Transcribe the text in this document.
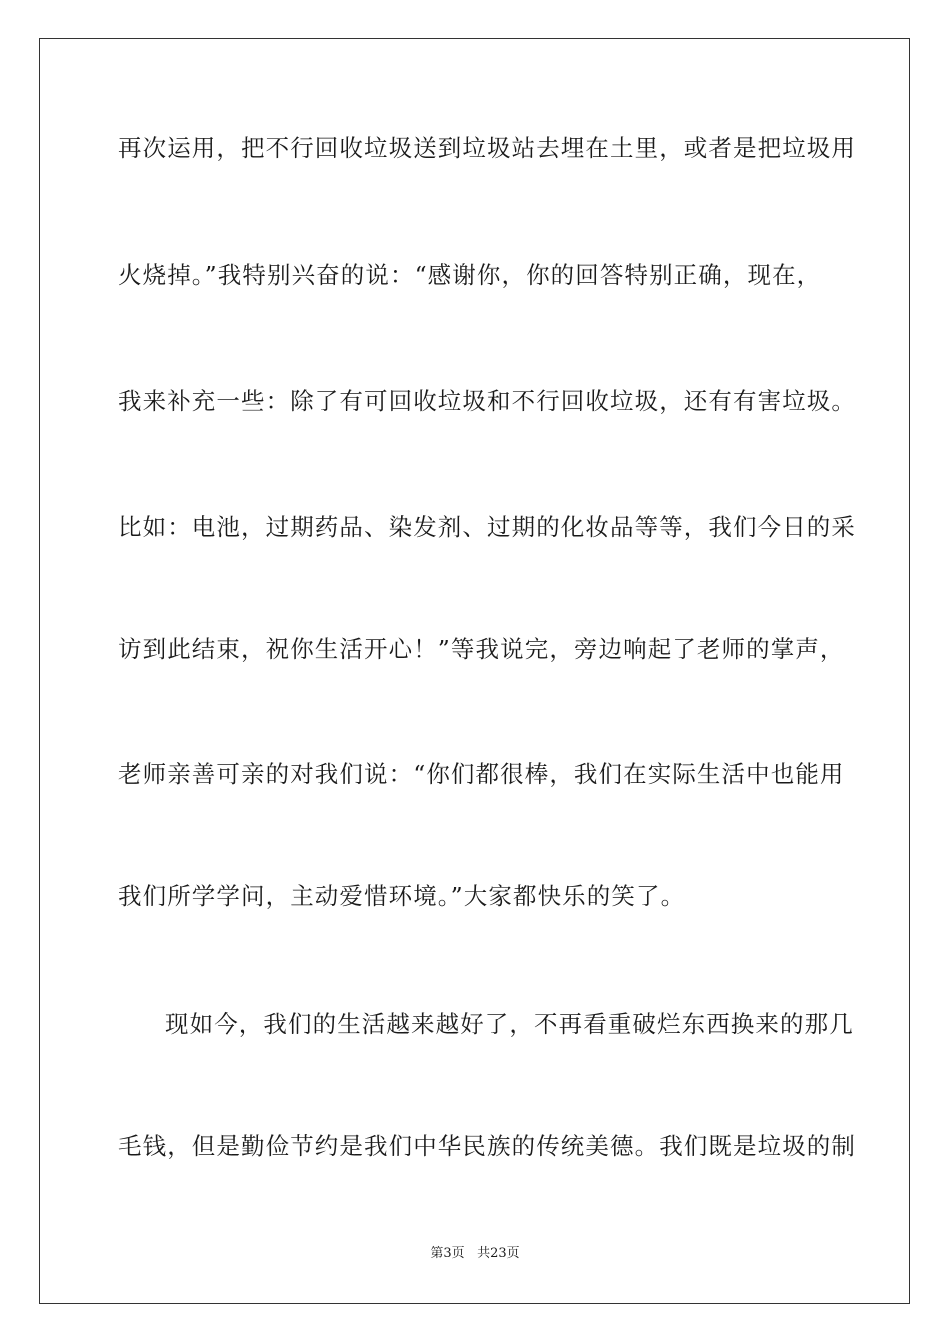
再次运用，把不行回收垃圾送到垃圾站去埋在土里，或者是把垃圾用
火烧掉。”我特别兴奋的说：“感谢你，你的回答特别正确，现在，
我来补充一些：除了有可回收垃圾和不行回收垃圾，还有有害垃圾。
比如：电池，过期药品、染发剂、过期的化妆品等等，我们今日的采
访到此结束，祝你生活开心！”等我说完，旁边响起了老师的掌声，
老师亲善可亲的对我们说：“你们都很棒，我们在实际生活中也能用
我们所学学问，主动爱惜环境。”大家都快乐的笑了。
现如今，我们的生活越来越好了，不再看重破烂东西换来的那几
毛钱，但是勤俭节约是我们中华民族的传统美德。我们既是垃圾的制
第3页 共23页
